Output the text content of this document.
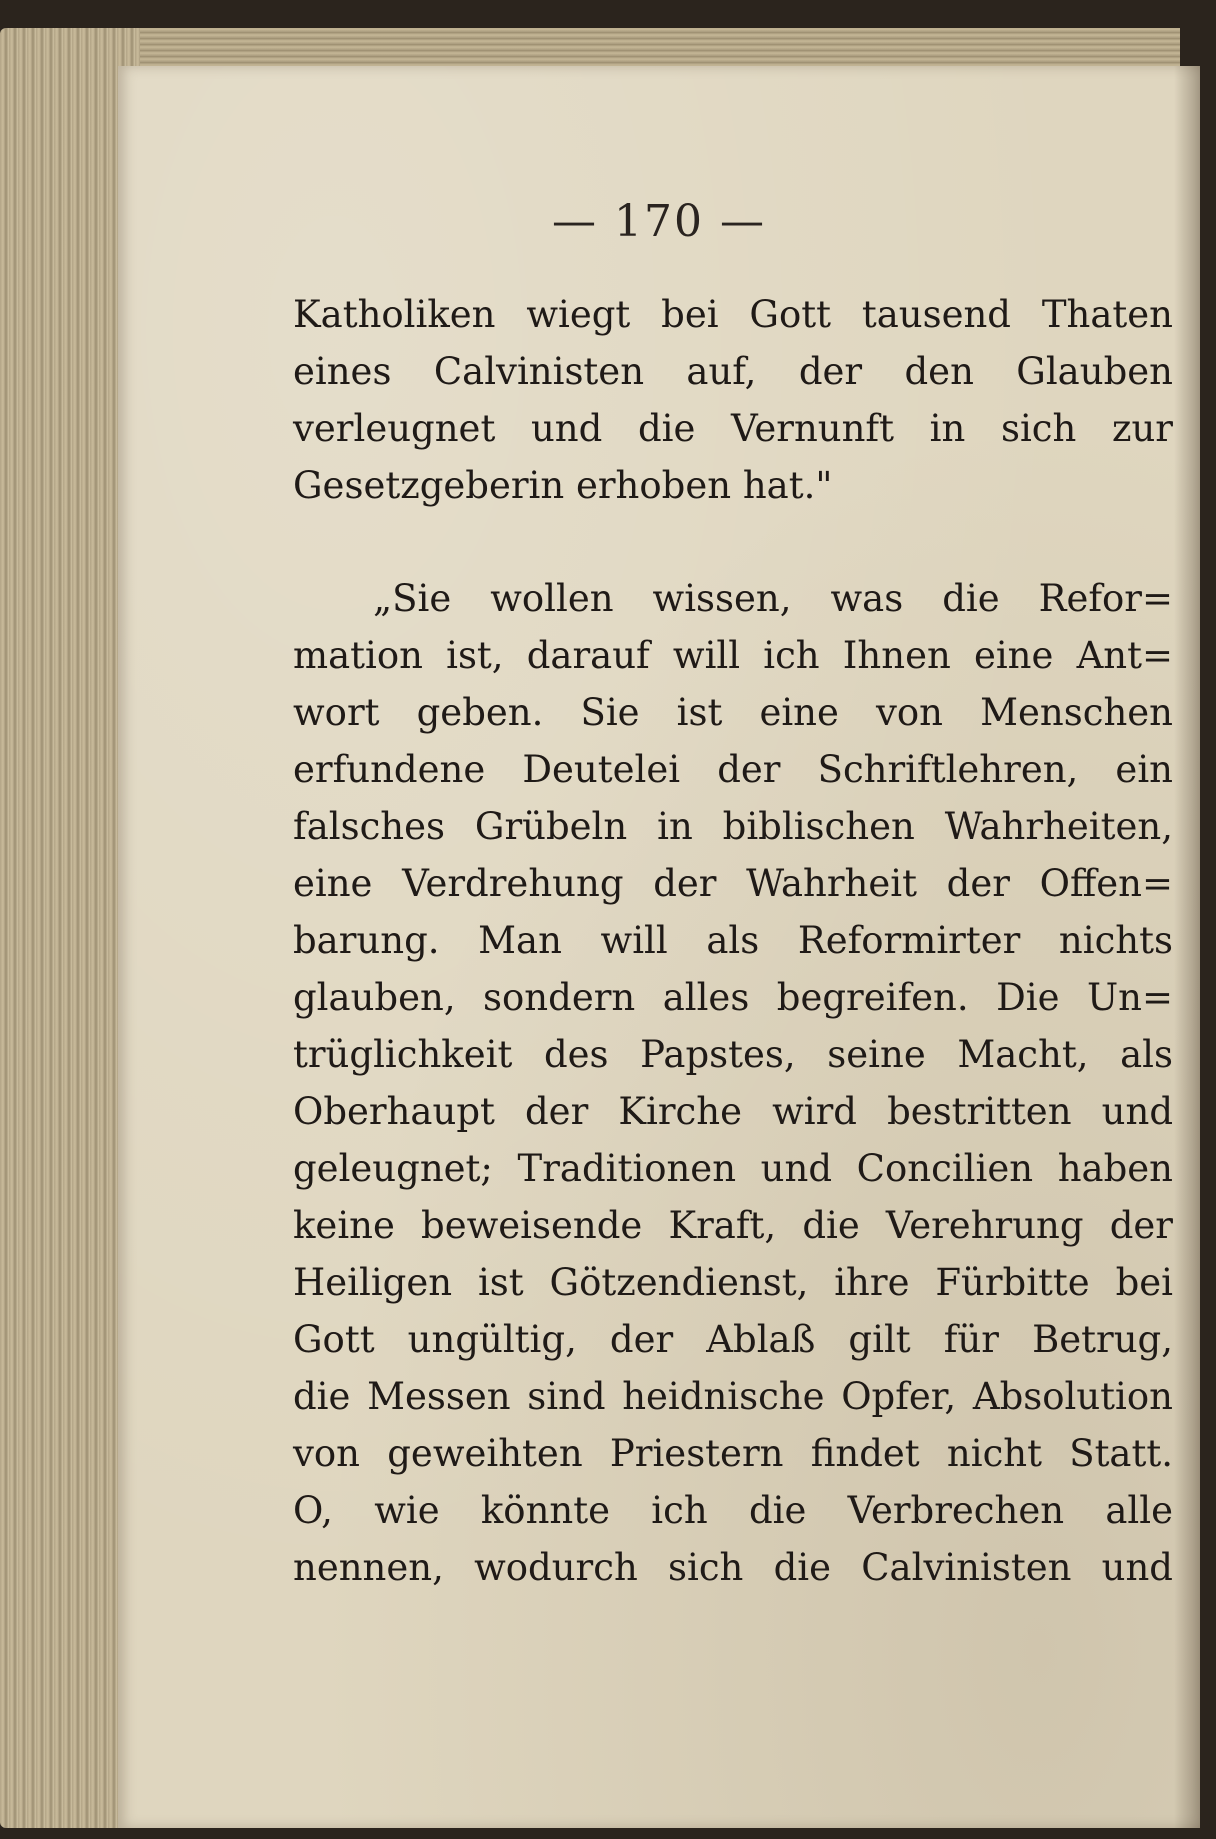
— 170 —
Katholiken wiegt bei Gott tausend Thaten
eines Calvinisten auf, der den Glauben
verleugnet und die Vernunft in sich zur
Gesetzgeberin erhoben hat."
„Sie wollen wissen, was die Refor=
mation ist, darauf will ich Ihnen eine Ant=
wort geben. Sie ist eine von Menschen
erfundene Deutelei der Schriftlehren, ein
falsches Grübeln in biblischen Wahrheiten,
eine Verdrehung der Wahrheit der Offen=
barung. Man will als Reformirter nichts
glauben, sondern alles begreifen. Die Un=
trüglichkeit des Papstes, seine Macht, als
Oberhaupt der Kirche wird bestritten und
geleugnet; Traditionen und Concilien haben
keine beweisende Kraft, die Verehrung der
Heiligen ist Götzendienst, ihre Fürbitte bei
Gott ungültig, der Ablaß gilt für Betrug,
die Messen sind heidnische Opfer, Absolution
von geweihten Priestern findet nicht Statt.
O, wie könnte ich die Verbrechen alle
nennen, wodurch sich die Calvinisten und
